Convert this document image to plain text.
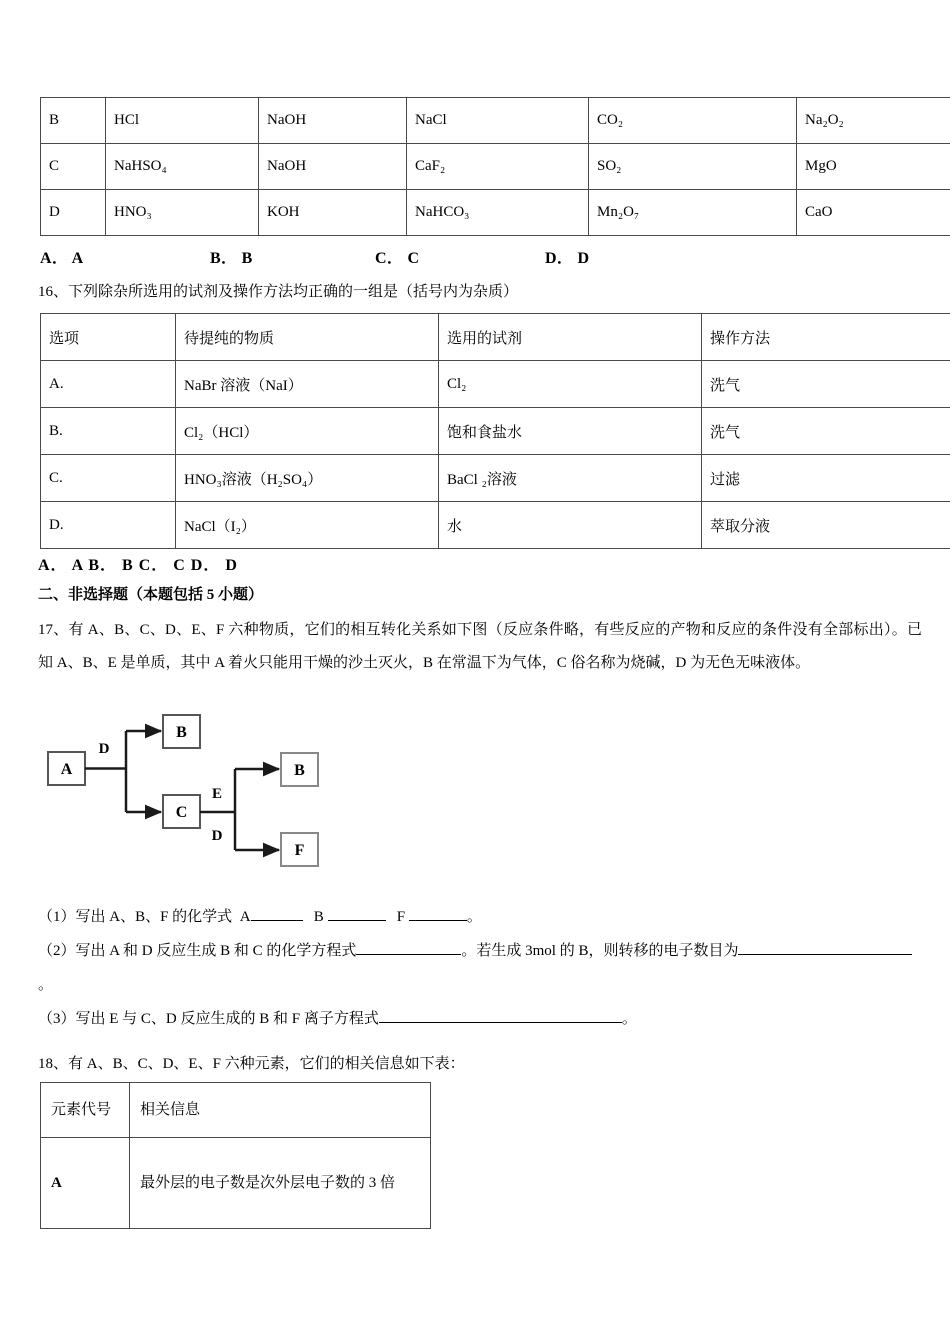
B	HCl	NaOH	NaCl	CO₂	Na₂O₂
C	NaHSO₄	NaOH	CaF₂	SO₂	MgO
D	HNO₃	KOH	NaHCO₃	Mn₂O₇	CaO
A． A	B． B	C． C	D． D
16、下列除杂所选用的试剂及操作方法均正确的一组是（括号内为杂质）
选项	待提纯的物质	选用的试剂	操作方法
A.	NaBr 溶液（NaI）	Cl₂	洗气
B.	Cl₂（HCl）	饱和食盐水	洗气
C.	HNO₃溶液（H₂SO₄）	BaCl ₂溶液	过滤
D.	NaCl（I₂）	水	萃取分液
A． A B． B C． C D． D
二、非选择题（本题包括 5 小题）
17、有 A、B、C、D、E、F 六种物质，它们的相互转化关系如下图（反应条件略，有些反应的产物和反应的条件没有全部标出）。已知 A、B、E 是单质，其中 A 着火只能用干燥的沙土灭火，B 在常温下为气体，C 俗名称为烧碱，D 为无色无味液体。
A
B
C
B
F
D
E
D
（1）写出 A、B、F 的化学式 A	B	F	。
（2）写出 A 和 D 反应生成 B 和 C 的化学方程式	。若生成 3mol 的 B，则转移的电子数目为。
（3）写出 E 与 C、D 反应生成的 B 和 F 离子方程式	。
18、有 A、B、C、D、E、F 六种元素，它们的相关信息如下表：
元素代号	相关信息
A	最外层的电子数是次外层电子数的 3 倍
